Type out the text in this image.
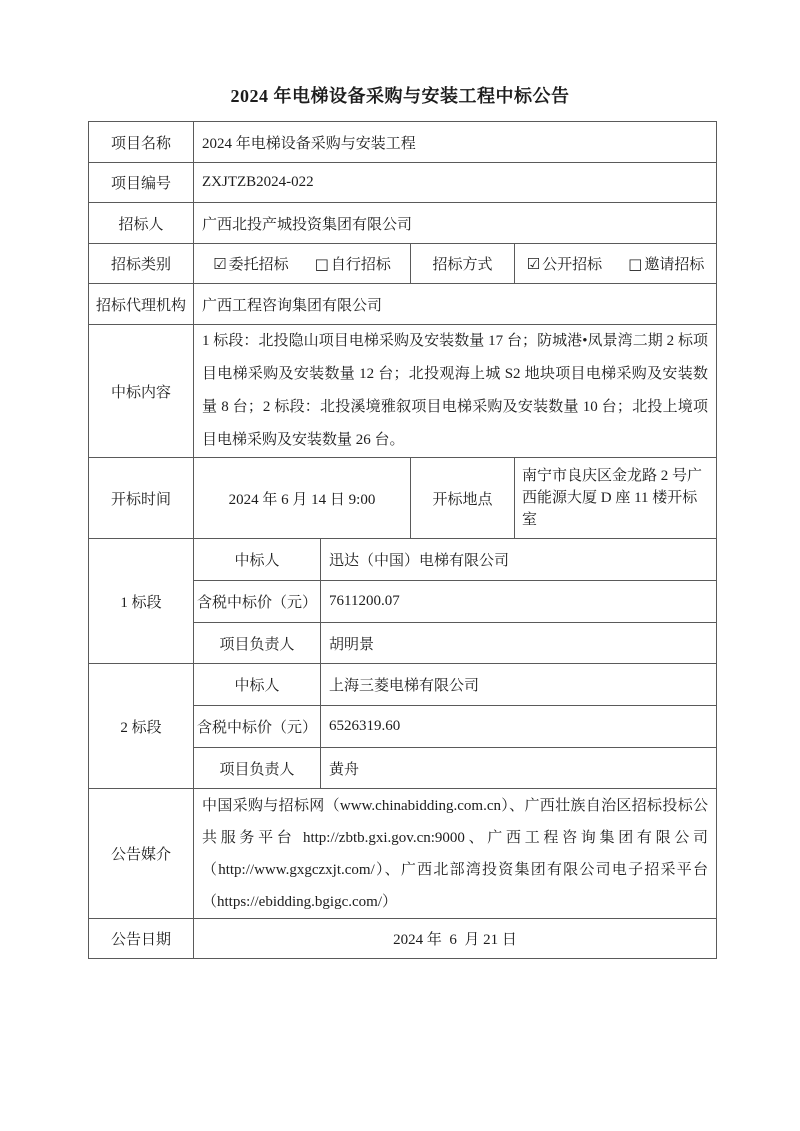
2024 年电梯设备采购与安装工程中标公告
项目名称	2024 年电梯设备采购与安装工程			
项目编号	ZXJTZB2024-022			
招标人	广西北投产城投资集团有限公司			
招标类别	☑ 委托招标 □ 自行招标		招标方式	☑ 公开招标 □ 邀请招标

招标代理机构	广西工程咨询集团有限公司			
中标内容	1 标段：北投隐山项目电梯采购及安装数量 17 台；防城港•凤景湾二期 2 标项目电梯采购及安装数量 12 台；北投观海上城 S2 地块项目电梯采购及安装数量 8 台；2 标段：北投溪境雅叙项目电梯采购及安装数量 10 台；北投上境项目电梯采购及安装数量 26 台。			
开标时间	2024 年 6 月 14 日 9:00		开标地点	南宁市良庆区金龙路 2 号广西能源大厦 D 座 11 楼开标室
1 标段	中标人	迅达（中国）电梯有限公司		
	含税中标价（元）	7611200.07		
	项目负责人	胡明景		
2 标段	中标人	上海三菱电梯有限公司		
	含税中标价（元）	6526319.60		
	项目负责人	黄舟		
公告媒介	中国采购与招标网（www.chinabidding.com.cn）、广西壮族自治区招标投标公共服务平台 http://zbtb.gxi.gov.cn:9000、广西工程咨询集团有限公司（http://www.gxgczxjt.com/）、广西北部湾投资集团有限公司电子招采平台（https://ebidding.bgigc.com/）			
公告日期	2024 年  6  月 21 日			
